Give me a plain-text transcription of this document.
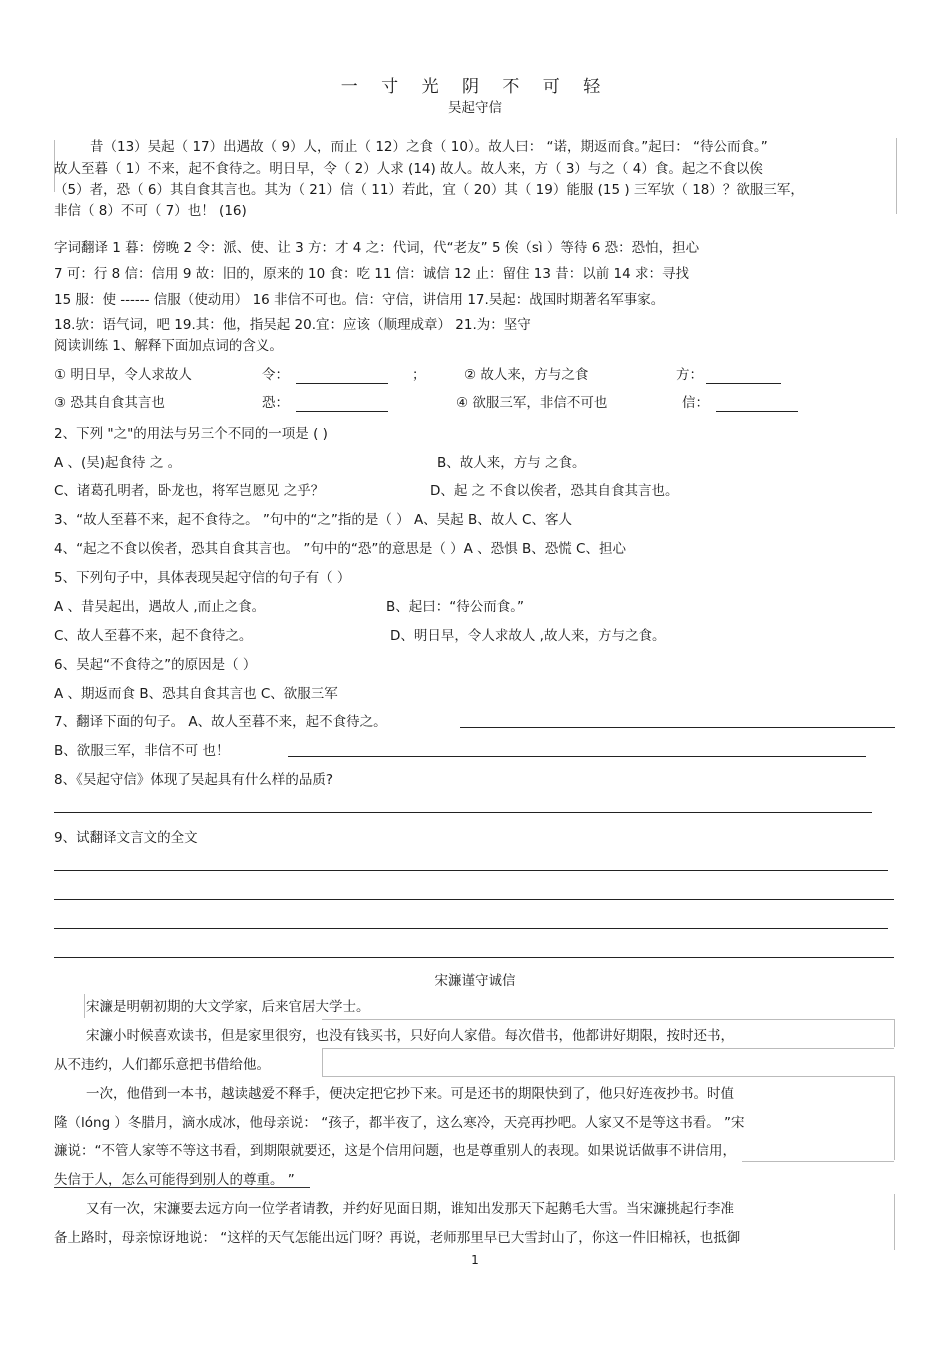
一 寸 光 阴 不 可 轻
吴起守信
昔（13）吴起（ 17）出遇故（ 9）人，而止（ 12）之食（ 10）。故人曰： “诺，期返而食。”起曰： “待公而食。”
故人至暮（ 1）不来，起不食待之。明日早，令（ 2）人求 (14) 故人。故人来，方（ 3）与之（ 4）食。起之不食以俟
（5）者，恐（ 6）其自食其言也。其为（ 21）信（ 11）若此，宜（ 20）其（ 19）能服 (15 ) 三军欤（ 18）？欲服三军，
非信（ 8）不可（ 7）也！ (16)
字词翻译 1 暮：傍晚 2 令：派、使、让 3 方：才 4 之：代词，代“老友” 5 俟（sì ）等待 6 恐：恐怕，担心
7 可：行 8 信：信用 9 故：旧的，原来的 10 食：吃 11 信：诚信 12 止：留住 13 昔：以前 14 求：寻找
15 服：使 ------ 信服（使动用） 16 非信不可也。信：守信，讲信用 17.吴起：战国时期著名军事家。
18.欤：语气词，吧 19.其：他，指吴起 20.宜：应该（顺理成章） 21.为：坚守
阅读训练 1、解释下面加点词的含义。
① 明日早，令人求故人	令：	；	② 故人来，方与之食	方：
③ 恐其自食其言也	恐：	④ 欲服三军，非信不可也	信：
2、下列 "之"的用法与另三个不同的一项是 ( )
A 、(吴)起食待 之 。	B、故人来，方与 之食。
C、诸葛孔明者，卧龙也，将军岂愿见 之乎？	D、起 之 不食以俟者，恐其自食其言也。
3、“故人至暮不来，起不食待之。 ”句中的“之”指的是（ ） A、吴起 B、故人 C、客人
4、“起之不食以俟者，恐其自食其言也。 ”句中的“恐”的意思是（ ）A 、恐惧 B、恐慌 C、担心
5、下列句子中，具体表现吴起守信的句子有（ ）
A 、昔吴起出，遇故人 ,而止之食。	B、起曰：“待公而食。”
C、故人至暮不来，起不食待之。	D、明日早，令人求故人 ,故人来，方与之食。
6、吴起“不食待之”的原因是（ ）
A 、期返而食 B、恐其自食其言也 C、欲服三军
7、翻译下面的句子。 A、故人至暮不来，起不食待之。
B、欲服三军，非信不可 也！
8、《吴起守信》体现了吴起具有什么样的品质?
9、试翻译文言文的全文
宋濂谨守诚信
宋濂是明朝初期的大文学家，后来官居大学士。
宋濂小时候喜欢读书，但是家里很穷，也没有钱买书，只好向人家借。每次借书，他都讲好期限，按时还书，
从不违约，人们都乐意把书借给他。
一次，他借到一本书，越读越爱不释手，便决定把它抄下来。可是还书的期限快到了，他只好连夜抄书。时值
隆（lóng ）冬腊月，滴水成冰，他母亲说： “孩子，都半夜了，这么寒冷，天亮再抄吧。人家又不是等这书看。 ”宋
濂说：“不管人家等不等这书看，到期限就要还，这是个信用问题，也是尊重别人的表现。如果说话做事不讲信用，
失信于人，怎么可能得到别人的尊重。 ”
又有一次，宋濂要去远方向一位学者请教，并约好见面日期，谁知出发那天下起鹅毛大雪。当宋濂挑起行李准
备上路时，母亲惊讶地说： “这样的天气怎能出远门呀？再说，老师那里早已大雪封山了，你这一件旧棉袄，也抵御
1
